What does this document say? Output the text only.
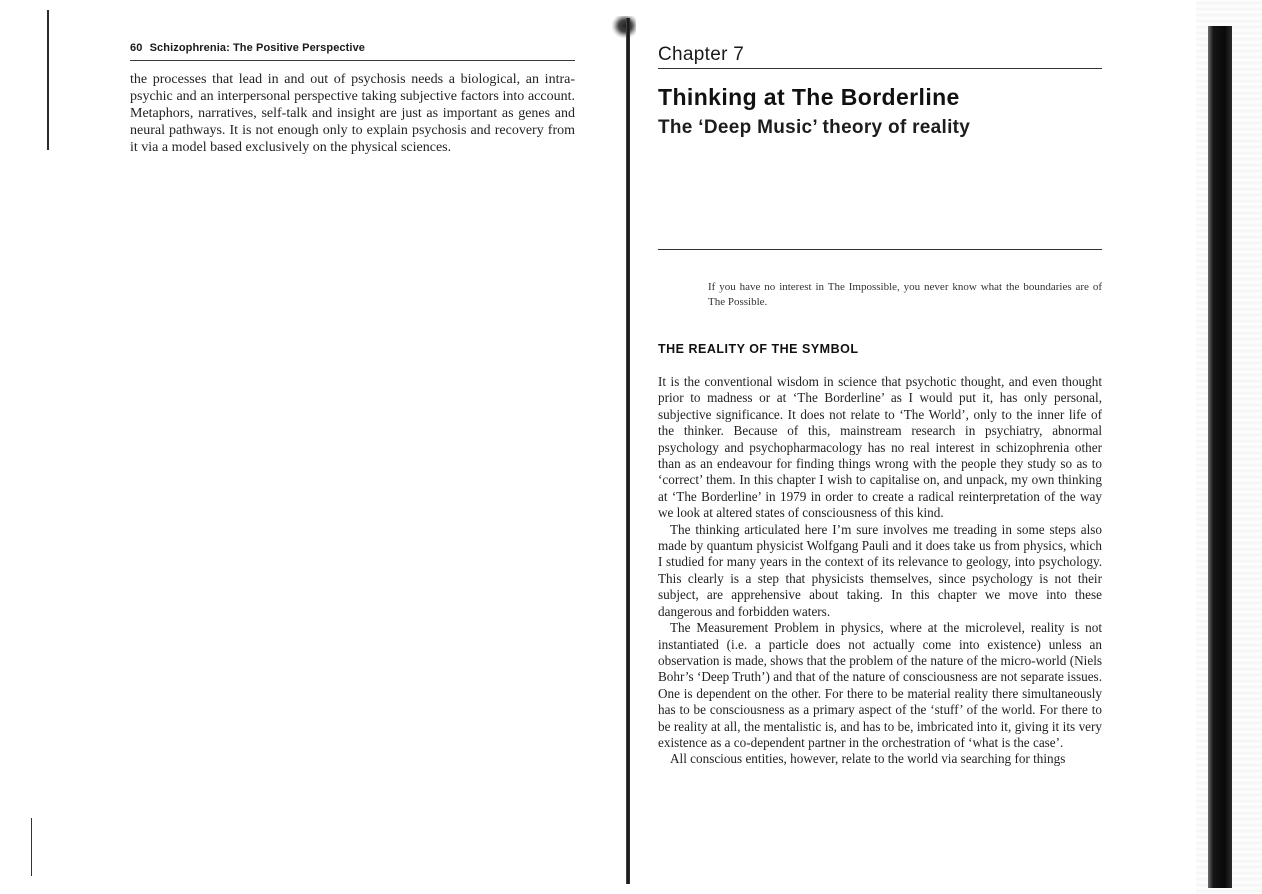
60 Schizophrenia: The Positive Perspective

the processes that lead in and out of psychosis needs a biological, an intra-psychic and an interpersonal perspective taking subjective factors into account. Metaphors, narratives, self-talk and insight are just as important as genes and neural pathways. It is not enough only to explain psychosis and recovery from it via a model based exclusively on the physical sciences.

Chapter 7
Thinking at The Borderline
The ‘Deep Music’ theory of reality

If you have no interest in The Impossible, you never know what the boundaries are of The Possible.

THE REALITY OF THE SYMBOL

It is the conventional wisdom in science that psychotic thought, and even thought prior to madness or at ‘The Borderline’ as I would put it, has only personal, subjective significance. It does not relate to ‘The World’, only to the inner life of the thinker. Because of this, mainstream research in psychiatry, abnormal psychology and psychopharmacology has no real interest in schizophrenia other than as an endeavour for finding things wrong with the people they study so as to ‘correct’ them. In this chapter I wish to capitalise on, and unpack, my own thinking at ‘The Borderline’ in 1979 in order to create a radical reinterpretation of the way we look at altered states of consciousness of this kind.

The thinking articulated here I’m sure involves me treading in some steps also made by quantum physicist Wolfgang Pauli and it does take us from physics, which I studied for many years in the context of its relevance to geology, into psychology. This clearly is a step that physicists themselves, since psychology is not their subject, are apprehensive about taking. In this chapter we move into these dangerous and forbidden waters.

The Measurement Problem in physics, where at the microlevel, reality is not instantiated (i.e. a particle does not actually come into existence) unless an observation is made, shows that the problem of the nature of the micro-world (Niels Bohr’s ‘Deep Truth’) and that of the nature of consciousness are not separate issues. One is dependent on the other. For there to be material reality there simultaneously has to be consciousness as a primary aspect of the ‘stuff’ of the world. For there to be reality at all, the mentalistic is, and has to be, imbricated into it, giving it its very existence as a co-dependent partner in the orchestration of ‘what is the case’.

All conscious entities, however, relate to the world via searching for things
